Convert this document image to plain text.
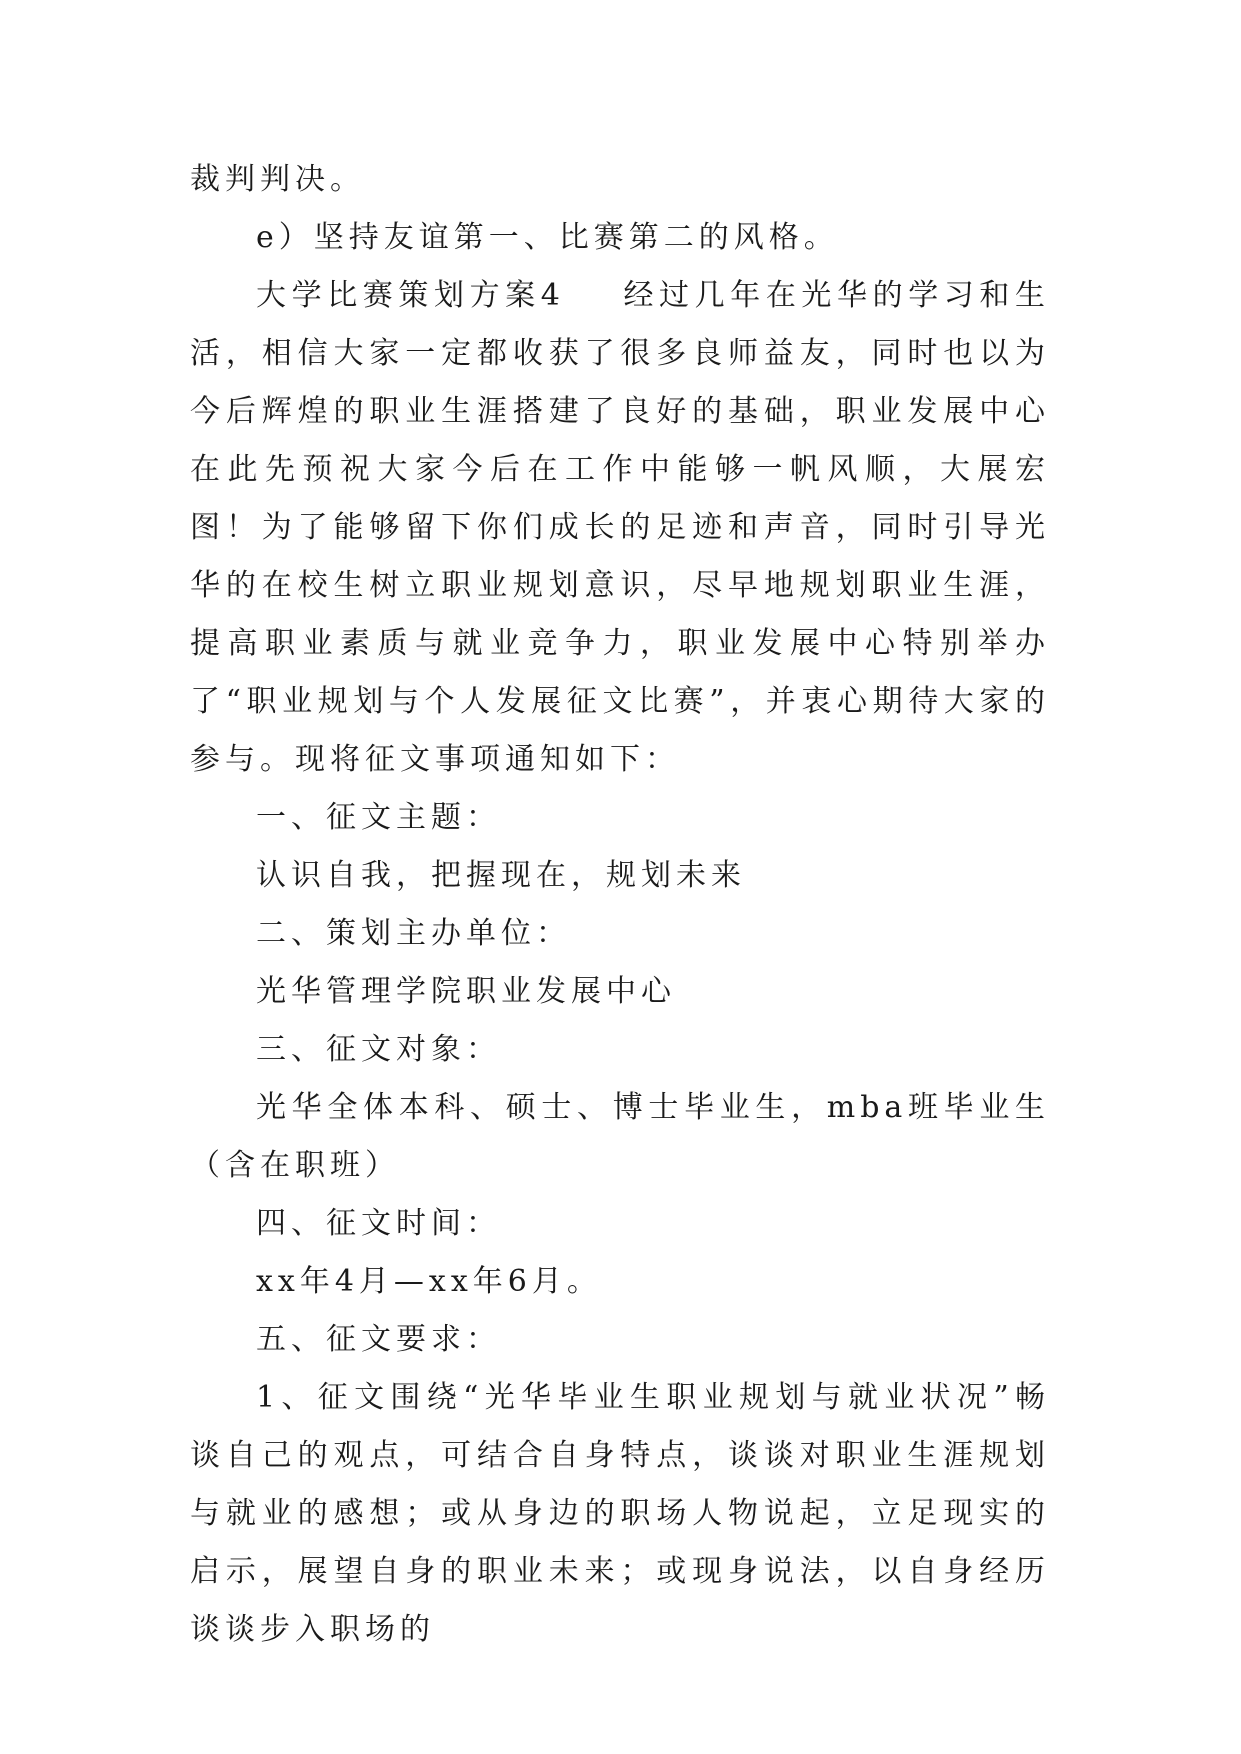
裁判判决。

e）坚持友谊第一、比赛第二的风格。

大学比赛策划方案4 经过几年在光华的学习和生活，相信大家一定都收获了很多良师益友，同时也以为今后辉煌的职业生涯搭建了良好的基础，职业发展中心在此先预祝大家今后在工作中能够一帆风顺，大展宏图！为了能够留下你们成长的足迹和声音，同时引导光华的在校生树立职业规划意识，尽早地规划职业生涯，提高职业素质与就业竞争力，职业发展中心特别举办了“职业规划与个人发展征文比赛”，并衷心期待大家的参与。现将征文事项通知如下：

一、征文主题：

认识自我，把握现在，规划未来

二、策划主办单位：

光华管理学院职业发展中心

三、征文对象：

光华全体本科、硕士、博士毕业生，mba班毕业生（含在职班）

四、征文时间：

xx年4月—xx年6月。

五、征文要求：

1、征文围绕“光华毕业生职业规划与就业状况”畅谈自己的观点，可结合自身特点，谈谈对职业生涯规划与就业的感想；或从身边的职场人物说起，立足现实的启示，展望自身的职业未来；或现身说法，以自身经历谈谈步入职场的
